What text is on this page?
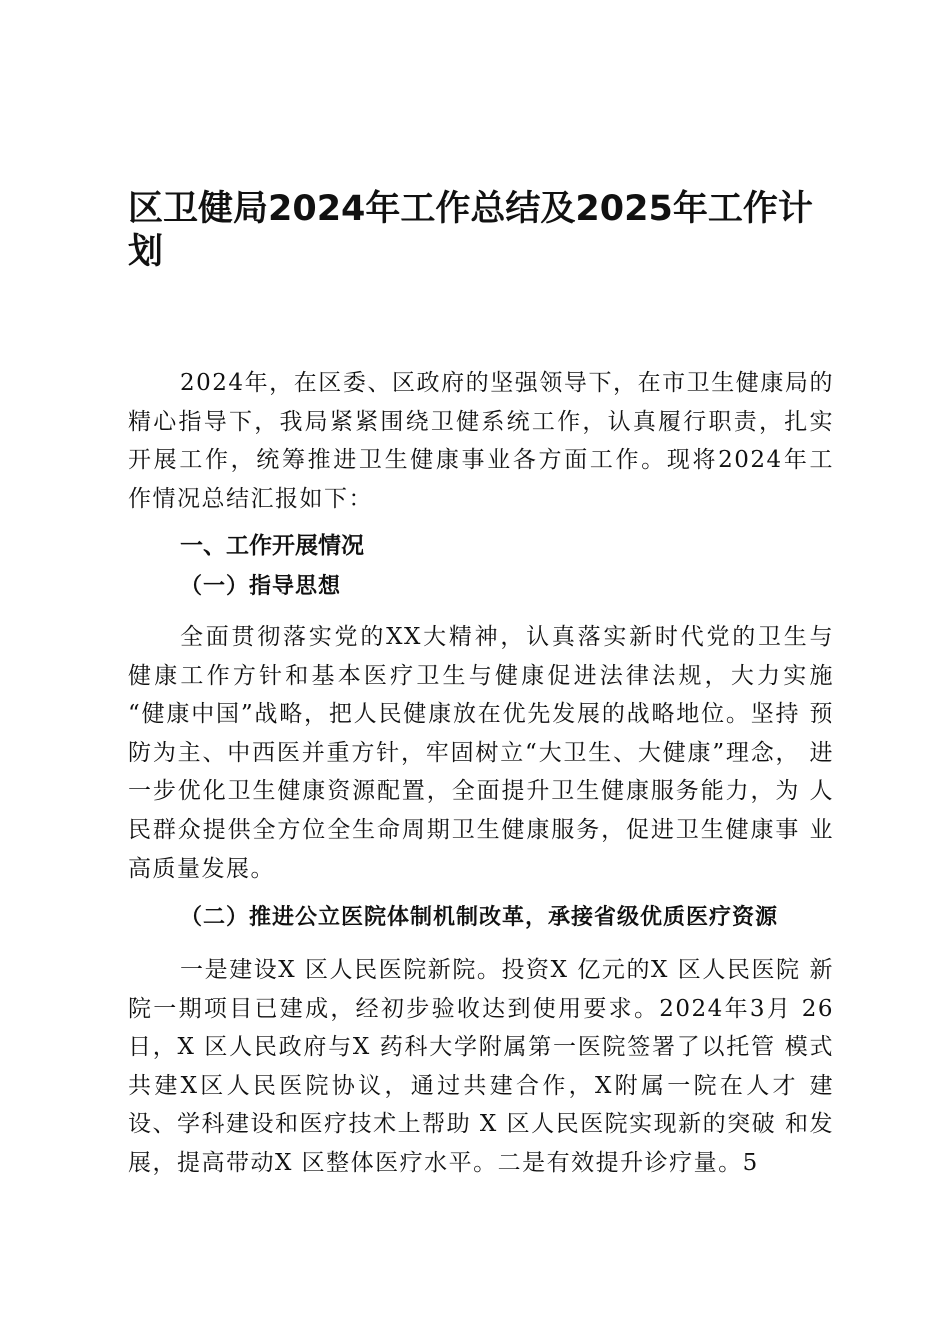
区卫健局2024年工作总结及2025年工作计划

2024年，在区委、区政府的坚强领导下，在市卫生健康局的 精心指导下，我局紧紧围绕卫健系统工作，认真履行职责，扎实 开展工作，统筹推进卫生健康事业各方面工作。现将2024年工 作情况总结汇报如下：

一、工作开展情况
（一）指导思想

全面贯彻落实党的XX大精神，认真落实新时代党的卫生与 健康工作方针和基本医疗卫生与健康促进法律法规，大力实施 “健康中国”战略，把人民健康放在优先发展的战略地位。坚持 预防为主、中西医并重方针，牢固树立“大卫生、大健康”理念， 进一步优化卫生健康资源配置，全面提升卫生健康服务能力，为 人民群众提供全方位全生命周期卫生健康服务，促进卫生健康事 业高质量发展。

（二）推进公立医院体制机制改革，承接省级优质医疗资源

一是建设X 区人民医院新院。投资X 亿元的X 区人民医院 新院一期项目已建成，经初步验收达到使用要求。2024年3月 26日，X 区人民政府与X 药科大学附属第一医院签署了以托管 模式共建X区人民医院协议，通过共建合作，X附属一院在人才 建设、学科建设和医疗技术上帮助 X 区人民医院实现新的突破 和发展，提高带动X 区整体医疗水平。二是有效提升诊疗量。5
